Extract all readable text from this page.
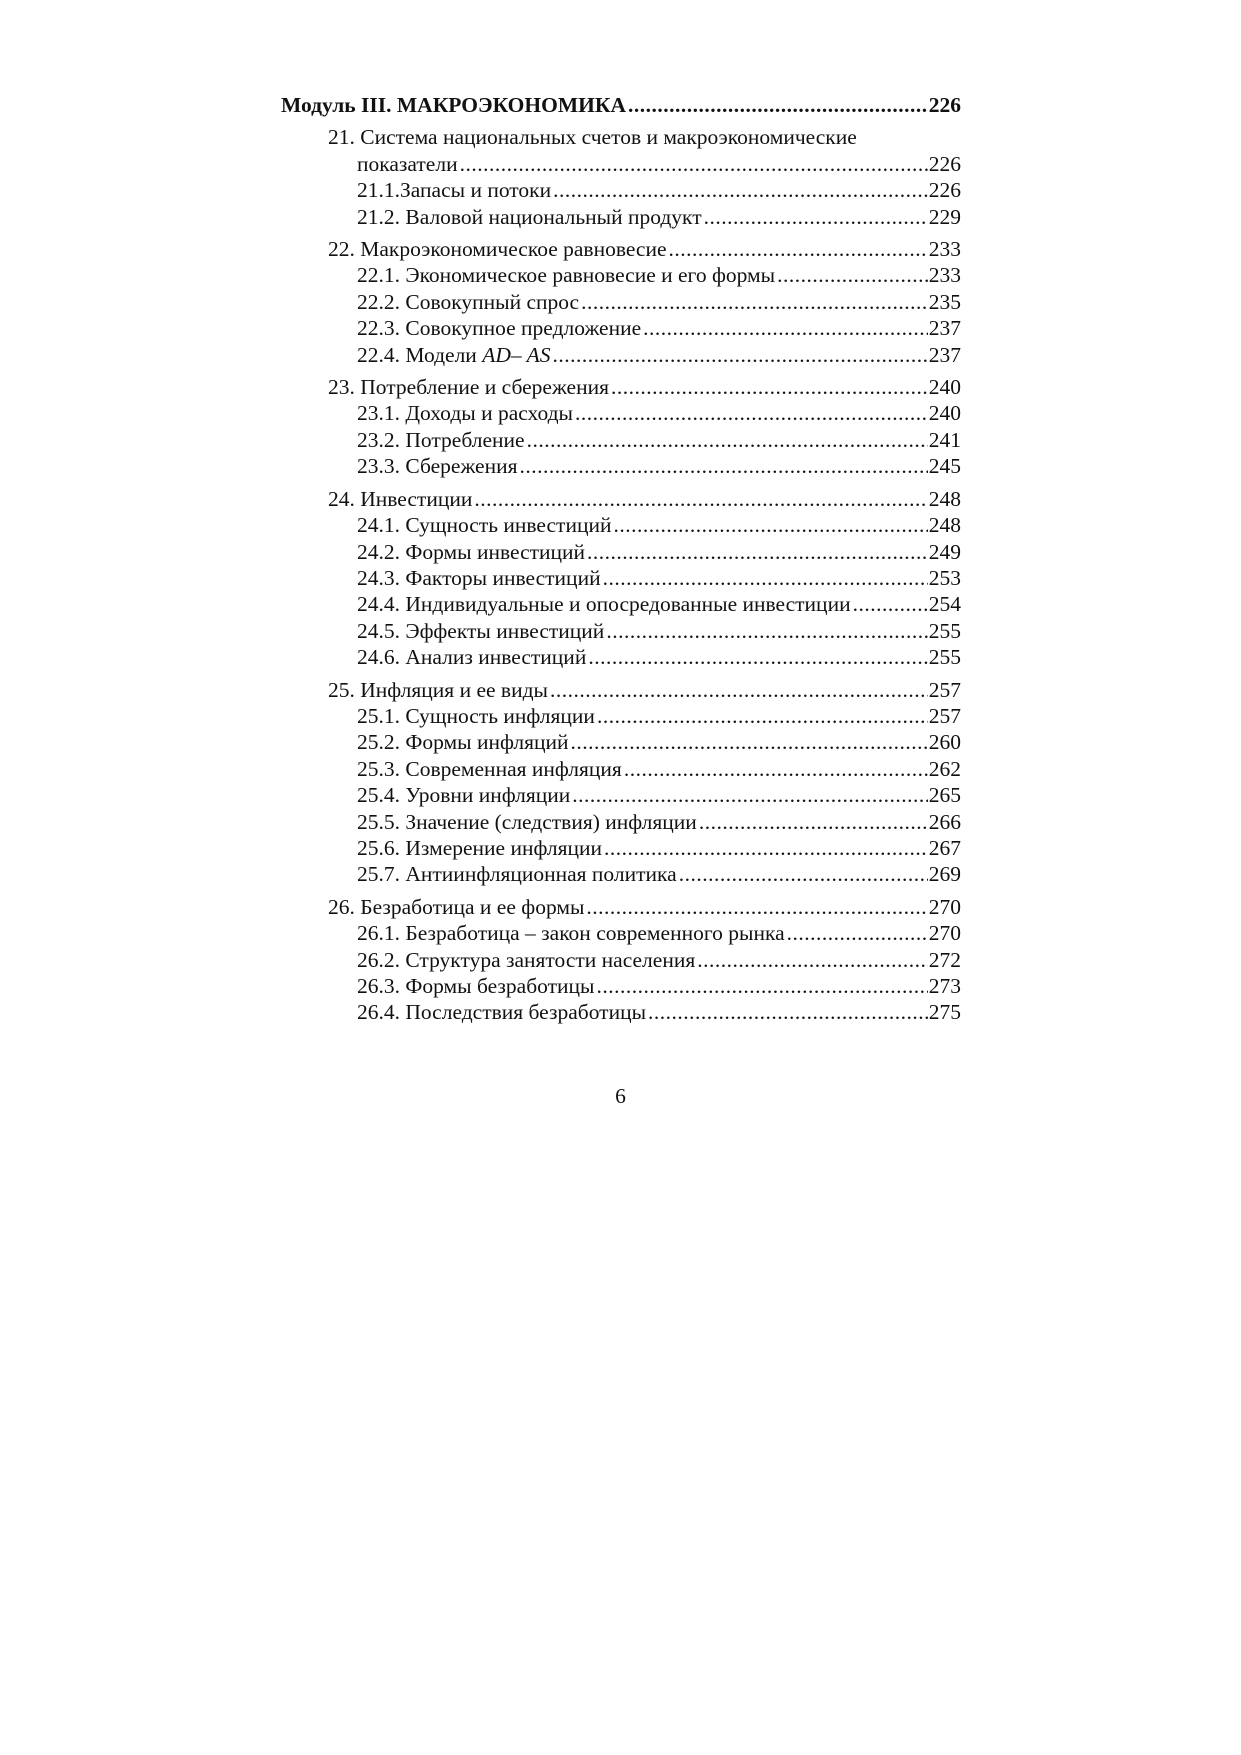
Модуль III. МАКРОЭКОНОМИКА .....	226
21. Система национальных счетов и макроэкономические
показатели .....	226
21.1.Запасы и потоки .....	226
21.2. Валовой национальный продукт .....	229
22. Макроэкономическое равновесие .....	233
22.1. Экономическое равновесие и его формы .....	233
22.2. Совокупный спрос .....	235
22.3. Совокупное предложение .....	237
22.4. Модели AD– AS .....	237
23. Потребление и сбережения .....	240
23.1. Доходы и расходы .....	240
23.2. Потребление .....	241
23.3. Сбережения .....	245
24. Инвестиции .....	248
24.1. Сущность инвестиций .....	248
24.2. Формы инвестиций .....	249
24.3. Факторы инвестиций .....	253
24.4. Индивидуальные и опосредованные инвестиции .....	254
24.5. Эффекты инвестиций .....	255
24.6. Анализ инвестиций .....	255
25. Инфляция и ее виды .....	257
25.1. Сущность инфляции .....	257
25.2. Формы инфляций .....	260
25.3. Современная инфляция .....	262
25.4. Уровни инфляции .....	265
25.5. Значение (следствия) инфляции .....	266
25.6. Измерение инфляции .....	267
25.7. Антиинфляционная политика .....	269
26. Безработица и ее формы .....	270
26.1. Безработица – закон современного рынка .....	270
26.2. Структура занятости населения .....	272
26.3. Формы безработицы .....	273
26.4. Последствия безработицы .....	275
6
